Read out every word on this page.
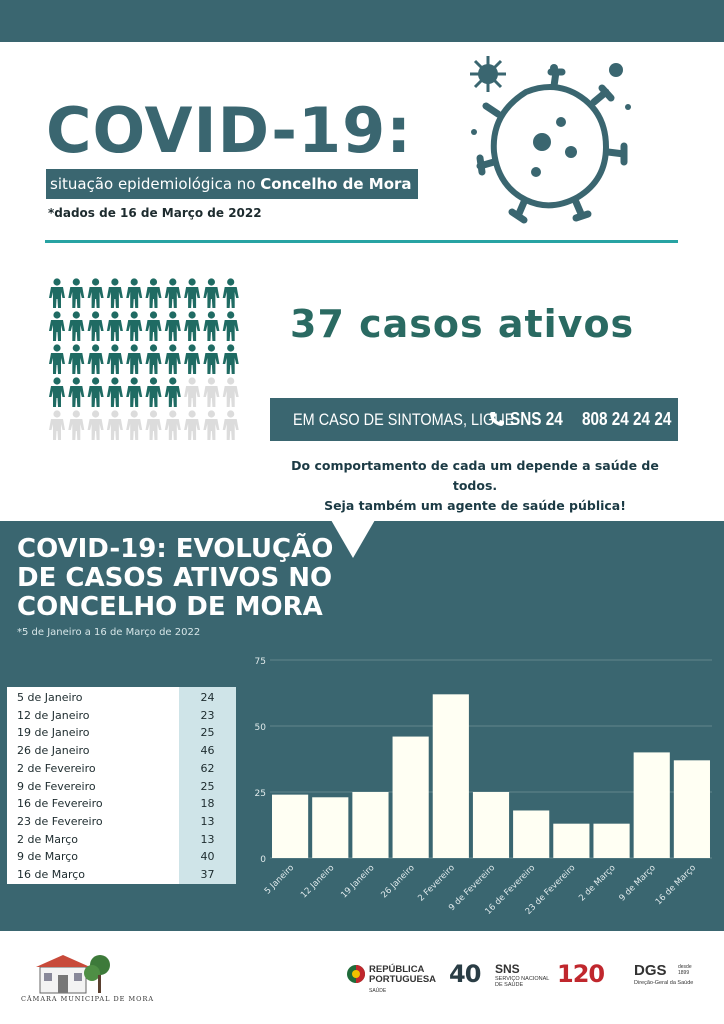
COVID-19:
situação epidemiológica no Concelho de Mora
*dados de 16 de Março de 2022
37 casos ativos
EM CASO DE SINTOMAS, LIGUE
SNS 24 808 24 24 24
Do comportamento de cada um depende a saúde de todos.
Seja também um agente de saúde pública!
COVID-19: EVOLUÇÃO DE CASOS ATIVOS NO CONCELHO DE MORA
*5 de Janeiro a 16 de Março de 2022
5 de Janeiro	24
12 de Janeiro	23
19 de Janeiro	25
26 de Janeiro	46
2 de Fevereiro	62
9 de Fevereiro	25
16 de Fevereiro	18
23 de Fevereiro	13
2 de Março	13
9 de Março	40
16 de Março	37
0
25
50
75
5 Janeiro 12 Janeiro 19 Janeiro 26 Janeiro 2 Fevereiro
9 de Fevereiro
16 de Fevereiro
23 de Fevereiro 2 de Março 9 de Março
16 de Março
CÂMARA MUNICIPAL DE MORA
REPÚBLICA
PORTUGUESA
SAÚDE
40 SNS
SERVIÇO NACIONAL
DE SAÚDE	120 DGS desde
1899
Direção-Geral da Saúde
